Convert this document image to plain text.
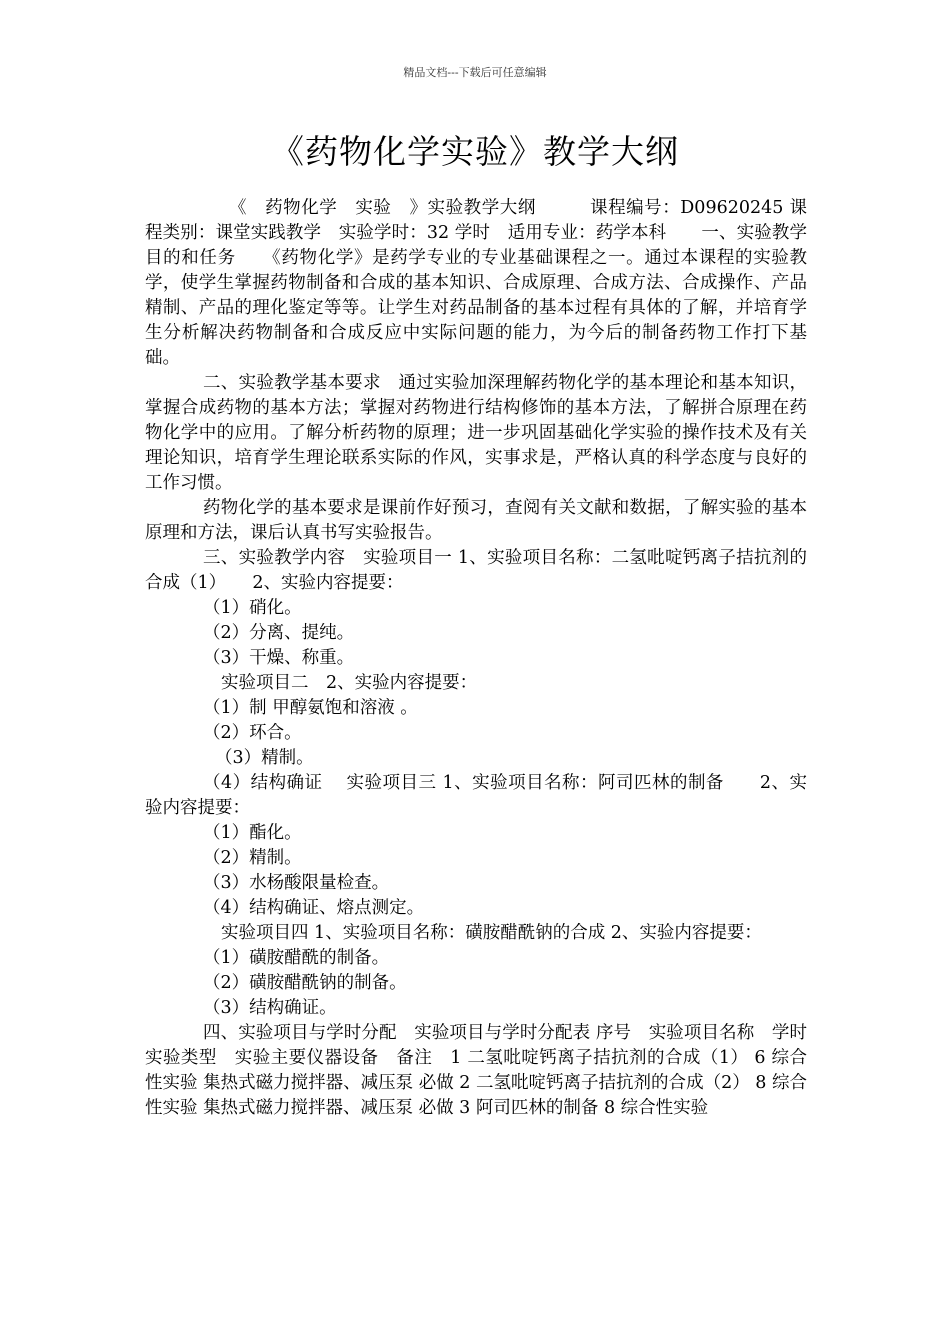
精品文档---下载后可任意编辑
《药物化学实验》教学大纲

《　药物化学　实验　》实验教学大纲　　　课程编号：D09620245 课程类别：课堂实践教学　实验学时：32 学时　适用专业：药学本科　　一、实验教学目的和任务　　《药物化学》是药学专业的专业基础课程之一。通过本课程的实验教学，使学生掌握药物制备和合成的基本知识、合成原理、合成方法、合成操作、产品精制、产品的理化鉴定等等。让学生对药品制备的基本过程有具体的了解，并培育学生分析解决药物制备和合成反应中实际问题的能力，为今后的制备药物工作打下基础。

二、实验教学基本要求　通过实验加深理解药物化学的基本理论和基本知识，掌握合成药物的基本方法；掌握对药物进行结构修饰的基本方法，了解拼合原理在药物化学中的应用。了解分析药物的原理；进一步巩固基础化学实验的操作技术及有关理论知识，培育学生理论联系实际的作风，实事求是，严格认真的科学态度与良好的工作习惯。

药物化学的基本要求是课前作好预习，查阅有关文献和数据，了解实验的基本原理和方法，课后认真书写实验报告。

三、实验教学内容　实验项目一 1、实验项目名称：二氢吡啶钙离子拮抗剂的合成（1）　　2、实验内容提要：

（1）硝化。

（2）分离、提纯。

（3）干燥、称重。

实验项目二　2、实验内容提要：

（1）制 甲醇氨饱和溶液 。

（2）环合。

（3）精制。

（4）结构确证　 实验项目三 1、实验项目名称：阿司匹林的制备　　2、实验内容提要：

（1）酯化。

（2）精制。

（3）水杨酸限量检查。

（4）结构确证、熔点测定。

实验项目四 1、实验项目名称：磺胺醋酰钠的合成 2、实验内容提要：

（1）磺胺醋酰的制备。

（2）磺胺醋酰钠的制备。

（3）结构确证。

四、实验项目与学时分配　实验项目与学时分配表 序号　实验项目名称　学时　实验类型　实验主要仪器设备　备注　1 二氢吡啶钙离子拮抗剂的合成（1） 6 综合性实验 集热式磁力搅拌器、减压泵 必做 2 二氢吡啶钙离子拮抗剂的合成（2） 8 综合性实验 集热式磁力搅拌器、减压泵 必做 3 阿司匹林的制备 8 综合性实验
